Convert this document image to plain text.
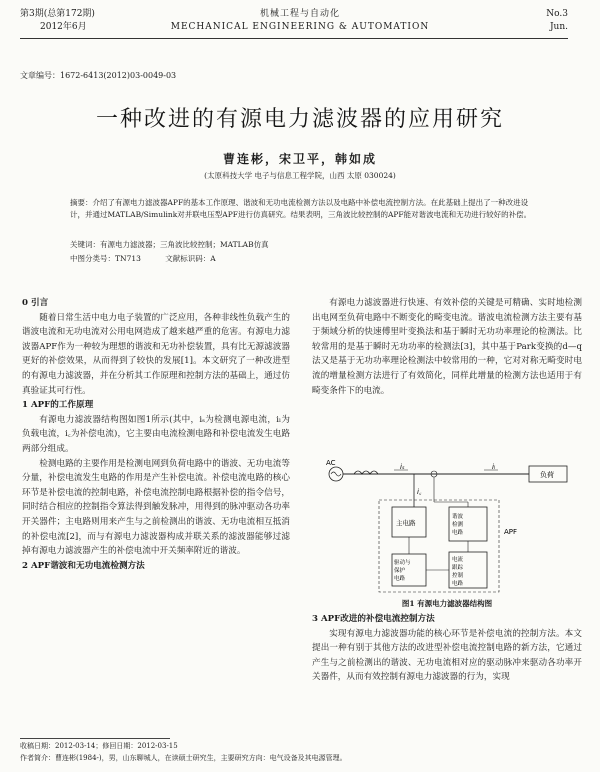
第3期(总第172期)
2012年6月
机械工程与自动化
MECHANICAL ENGINEERING & AUTOMATION
No.3
Jun.
文章编号：1672-6413(2012)03-0049-03
一种改进的有源电力滤波器的应用研究
曹连彬，宋卫平，韩如成
(太原科技大学 电子与信息工程学院，山西 太原 030024)
摘要：介绍了有源电力滤波器APF的基本工作原理、谐波和无功电流检测方法以及电路中补偿电流控制方法。在此基础上提出了一种改进设计，并通过MATLAB/Simulink对并联电压型APF进行仿真研究。结果表明，三角波比较控制的APF能对谐波电流和无功进行较好的补偿。
关键词：有源电力滤波器；三角波比较控制；MATLAB仿真
中图分类号：TN713	文献标识码：A

0 引言

随着日常生活中电力电子装置的广泛应用，各种非线性负载产生的谐波电流和无功电流对公用电网造成了越来越严重的危害。有源电力滤波器APF作为一种较为理想的谐波和无功补偿装置，具有比无源滤波器更好的补偿效果，从而得到了较快的发展[1]。本文研究了一种改进型的有源电力滤波器，并在分析其工作原理和控制方法的基础上，通过仿真验证其可行性。

1 APF的工作原理

有源电力滤波器结构图如图1所示(其中，iₛ为检测电源电流，iₗ为负载电流，i꜀为补偿电流)，它主要由电流检测电路和补偿电流发生电路两部分组成。

检测电路的主要作用是检测电网到负荷电路中的谐波、无功电流等分量，补偿电流发生电路的作用是产生补偿电流。补偿电流电路的核心环节是补偿电流的控制电路，补偿电流控制电路根据补偿的指令信号，同时结合相应的控制指令算法得到触发脉冲，用得到的脉冲驱动各功率开关器件；主电路则用来产生与之前检测出的谐波、无功电流相互抵消的补偿电流[2]，而与有源电力滤波器构成并联关系的滤波器能够过滤掉有源电力滤波器产生的补偿电流中开关频率附近的谐波。

2 APF谐波和无功电流检测方法

有源电力滤波器进行快速、有效补偿的关键是可精确、实时地检测出电网至负荷电路中不断变化的畸变电流。谐波电流检测方法主要有基于频域分析的快速傅里叶变换法和基于瞬时无功功率理论的检测法。比较常用的是基于瞬时无功功率的检测法[3]，其中基于Park变换的d—q法又是基于无功功率理论检测法中较常用的一种，它对对称无畸变时电流的增量检测方法进行了有效简化，同样此增量的检测方法也适用于有畸变条件下的电流。

AC	iₛ	iₗ
负荷
i꜀
APF
主电路
谐波 检测 电路
驱动与 保护 电路
电流 跟踪 控制 电路
图1 有源电力滤波器结构图

3 APF改进的补偿电流控制方法

实现有源电力滤波器功能的核心环节是补偿电流的控制方法。本文提出一种有别于其他方法的改进型补偿电流控制电路的新方法，它通过产生与之前检测出的谐波、无功电流相对应的驱动脉冲来驱动各功率开关器件，从而有效控制有源电力滤波器的行为，实现

收稿日期：2012-03-14；修回日期：2012-03-15
作者简介：曹连彬(1984-)，男，山东聊城人，在读硕士研究生，主要研究方向：电气设备及其电源管理。
